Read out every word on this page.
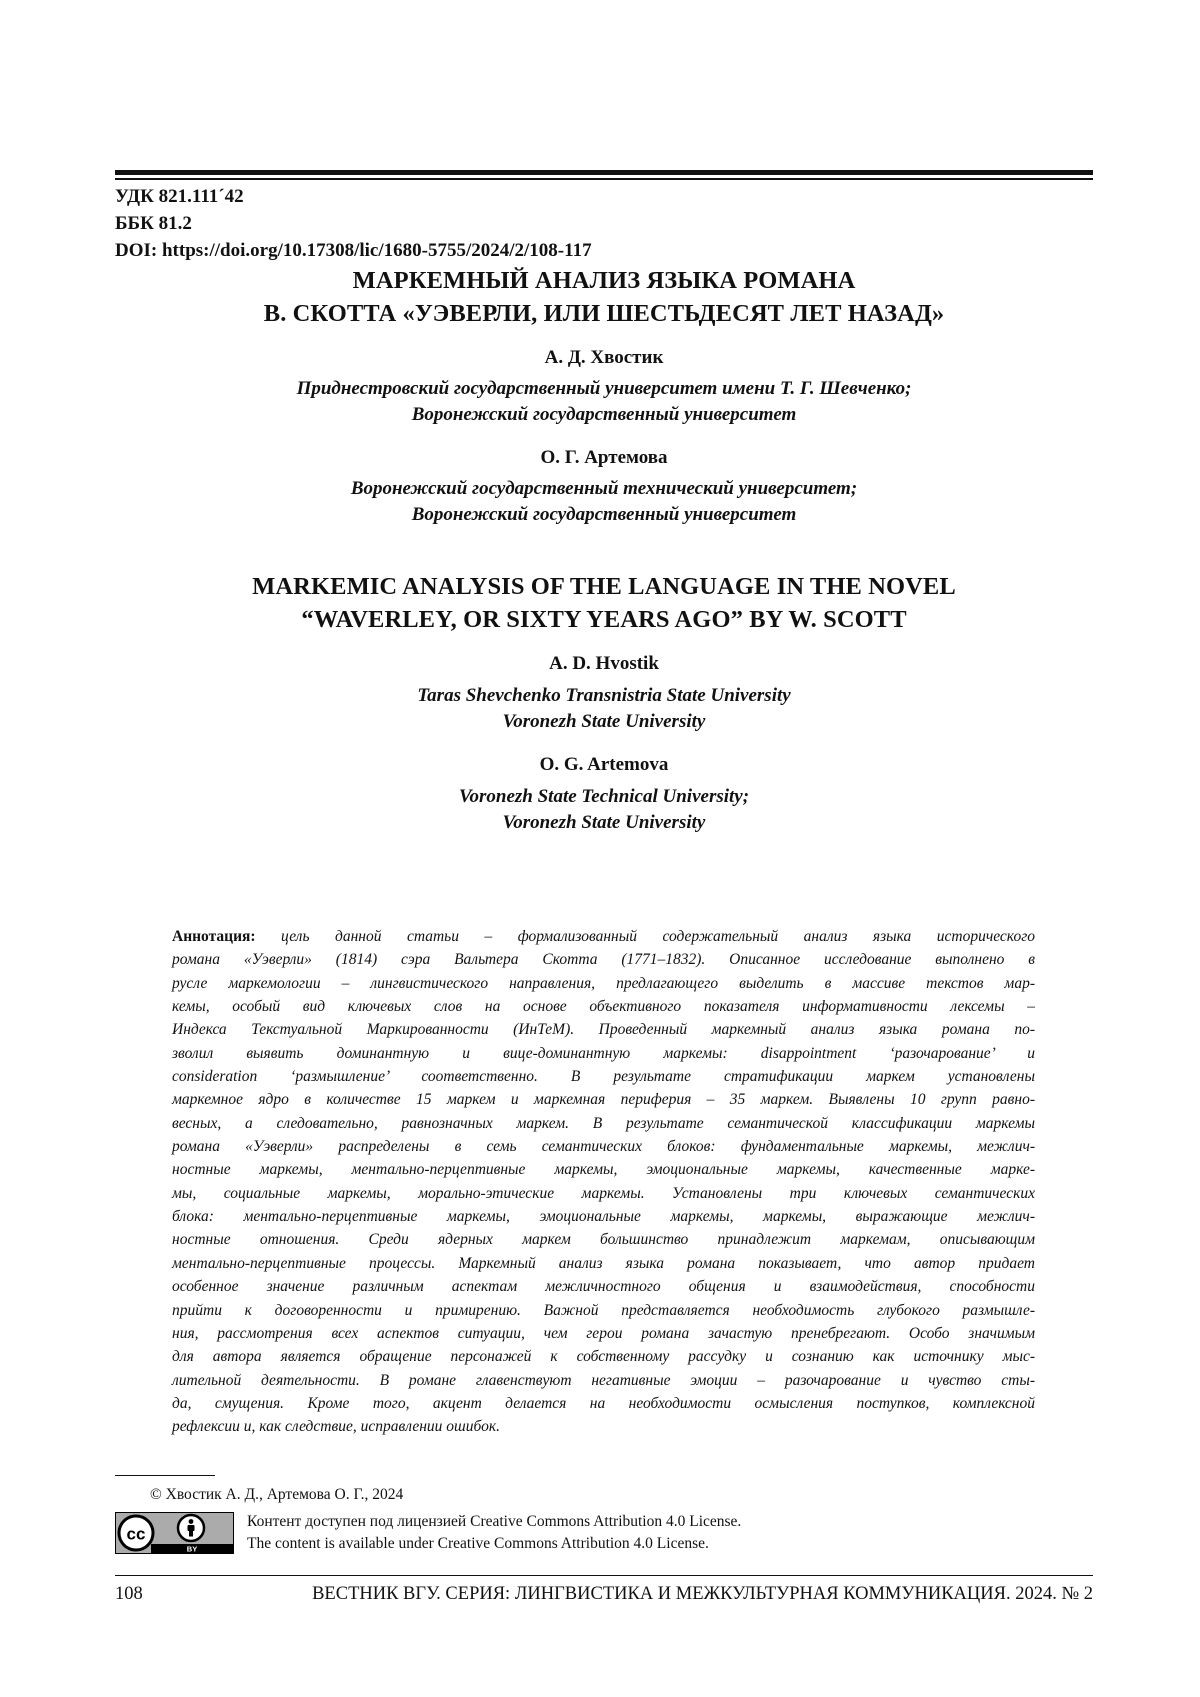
УДК 821.111´42
ББК 81.2
DOI: https://doi.org/10.17308/lic/1680-5755/2024/2/108-117
МАРКЕМНЫЙ АНАЛИЗ ЯЗЫКА РОМАНА
В. СКОТТА «УЭВЕРЛИ, ИЛИ ШЕСТЬДЕСЯТ ЛЕТ НАЗАД»
А. Д. Хвостик
Приднестровский государственный университет имени Т. Г. Шевченко;
Воронежский государственный университет
О. Г. Артемова
Воронежский государственный технический университет;
Воронежский государственный университет
MARKEMIC ANALYSIS OF THE LANGUAGE IN THE NOVEL
“WAVERLEY, OR SIXTY YEARS AGO” BY W. SCOTT
A. D. Hvostik
Taras Shevchenko Transnistria State University
Voronezh State University
O. G. Artemova
Voronezh State Technical University;
Voronezh State University
Аннотация: цель данной статьи – формализованный содержательный анализ языка исторического
романа «Уэверли» (1814) сэра Вальтера Скотта (1771–1832). Описанное исследование выполнено в
русле маркемологии – лингвистического направления, предлагающего выделить в массиве текстов мар-
кемы, особый вид ключевых слов на основе объективного показателя информативности лексемы –
Индекса Текстуальной Маркированности (ИнТеМ). Проведенный маркемный анализ языка романа по-
зволил выявить доминантную и вице-доминантную маркемы: disappointment ‘разочарование’ и
consideration ‘размышление’ соответственно. В результате стратификации маркем установлены
маркемное ядро в количестве 15 маркем и маркемная периферия – 35 маркем. Выявлены 10 групп равно-
весных, а следовательно, равнозначных маркем. В результате семантической классификации маркемы
романа «Уэверли» распределены в семь семантических блоков: фундаментальные маркемы, межлич-
ностные маркемы, ментально-перцептивные маркемы, эмоциональные маркемы, качественные марке-
мы, социальные маркемы, морально-этические маркемы. Установлены три ключевых семантических
блока: ментально-перцептивные маркемы, эмоциональные маркемы, маркемы, выражающие межлич-
ностные отношения. Среди ядерных маркем большинство принадлежит маркемам, описывающим
ментально-перцептивные процессы. Маркемный анализ языка романа показывает, что автор придает
особенное значение различным аспектам межличностного общения и взаимодействия, способности
прийти к договоренности и примирению. Важной представляется необходимость глубокого размышле-
ния, рассмотрения всех аспектов ситуации, чем герои романа зачастую пренебрегают. Особо значимым
для автора является обращение персонажей к собственному рассудку и сознанию как источнику мыс-
лительной деятельности. В романе главенствуют негативные эмоции – разочарование и чувство сты-
да, смущения. Кроме того, акцент делается на необходимости осмысления поступков, комплексной
рефлексии и, как следствие, исправлении ошибок.
© Хвостик А. Д., Артемова О. Г., 2024
cc
BY
Контент доступен под лицензией Creative Commons Attribution 4.0 License.
The content is available under Creative Commons Attribution 4.0 License.
108	ВЕСТНИК ВГУ. СЕРИЯ: ЛИНГВИСТИКА И МЕЖКУЛЬТУРНАЯ КОММУНИКАЦИЯ. 2024. № 2
